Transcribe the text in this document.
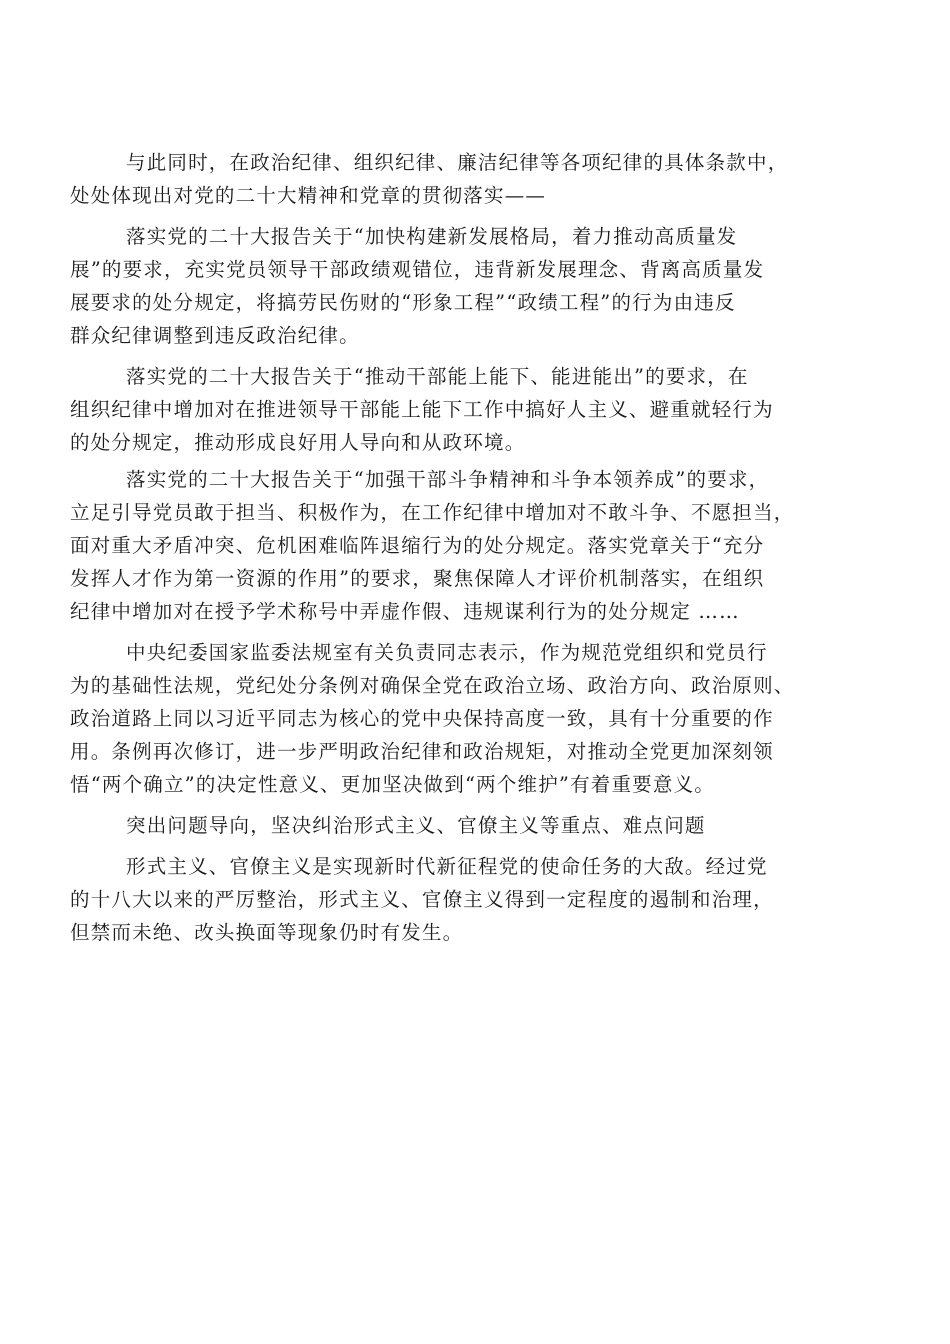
与此同时，在政治纪律、组织纪律、廉洁纪律等各项纪律的具体条款中，
处处体现出对党的二十大精神和党章的贯彻落实——

落实党的二十大报告关于“加快构建新发展格局，着力推动高质量发
展”的要求，充实党员领导干部政绩观错位，违背新发展理念、背离高质量发
展要求的处分规定，将搞劳民伤财的“形象工程”“政绩工程”的行为由违反
群众纪律调整到违反政治纪律。

落实党的二十大报告关于“推动干部能上能下、能进能出”的要求，在
组织纪律中增加对在推进领导干部能上能下工作中搞好人主义、避重就轻行为
的处分规定，推动形成良好用人导向和从政环境。

落实党的二十大报告关于“加强干部斗争精神和斗争本领养成”的要求，
立足引导党员敢于担当、积极作为，在工作纪律中增加对不敢斗争、不愿担当，
面对重大矛盾冲突、危机困难临阵退缩行为的处分规定。落实党章关于“充分
发挥人才作为第一资源的作用”的要求，聚焦保障人才评价机制落实，在组织
纪律中增加对在授予学术称号中弄虚作假、违规谋利行为的处分规定 ……

中央纪委国家监委法规室有关负责同志表示，作为规范党组织和党员行
为的基础性法规，党纪处分条例对确保全党在政治立场、政治方向、政治原则、
政治道路上同以习近平同志为核心的党中央保持高度一致，具有十分重要的作
用。条例再次修订，进一步严明政治纪律和政治规矩，对推动全党更加深刻领
悟“两个确立”的决定性意义、更加坚决做到“两个维护”有着重要意义。

突出问题导向，坚决纠治形式主义、官僚主义等重点、难点问题

形式主义、官僚主义是实现新时代新征程党的使命任务的大敌。经过党
的十八大以来的严厉整治，形式主义、官僚主义得到一定程度的遏制和治理，
但禁而未绝、改头换面等现象仍时有发生。
